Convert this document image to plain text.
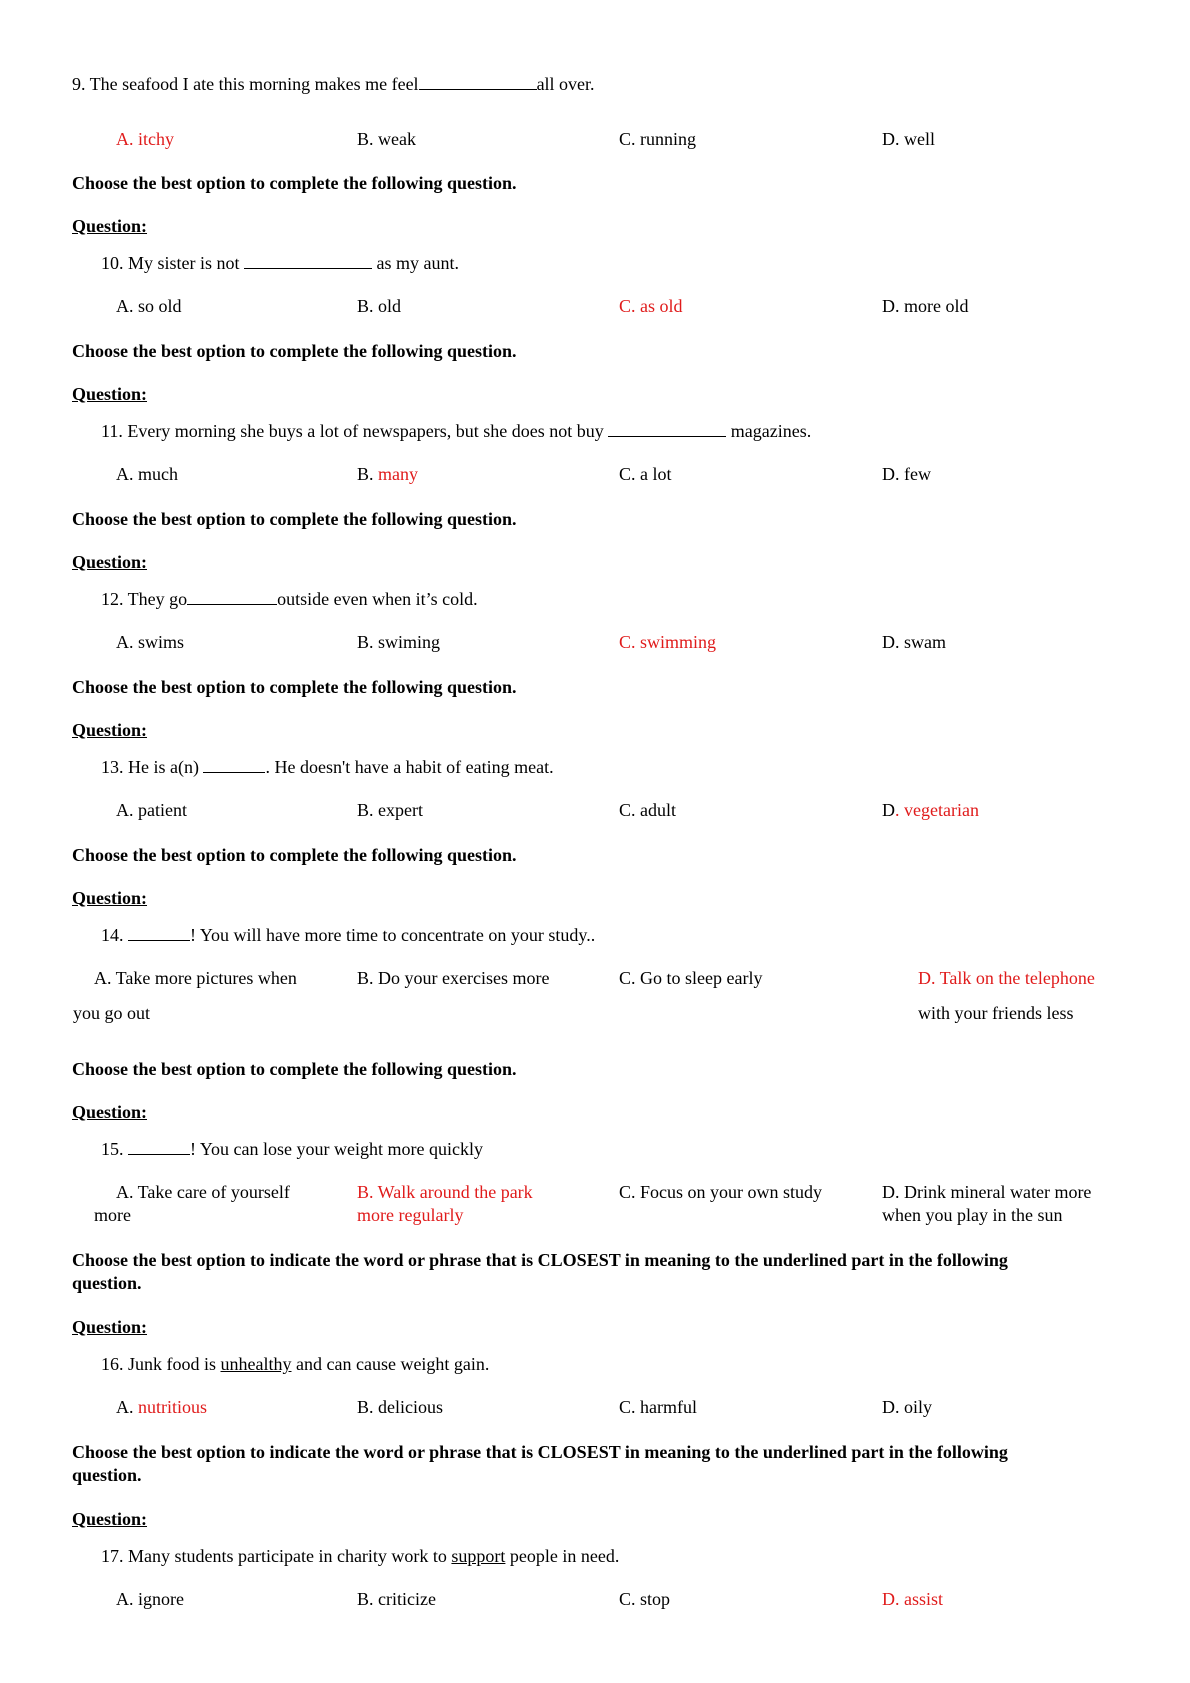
9. The seafood I ate this morning makes me feel	all over.
A. itchy	B. weak	C. running	D. well
Choose the best option to complete the following question.
Question:
10. My sister is not	as my aunt.
A. so old	B. old	C. as old	D. more old
Choose the best option to complete the following question.
Question:
11. Every morning she buys a lot of newspapers, but she does not buy	magazines.
A. much	B. many	C. a lot	D. few
Choose the best option to complete the following question.
Question:
12. They go	outside even when it’s cold.
A. swims	B. swiming	C. swimming	D. swam
Choose the best option to complete the following question.
Question:
13. He is a(n)	. He doesn't have a habit of eating meat.
A. patient	B. expert	C. adult	D. vegetarian
Choose the best option to complete the following question.
Question:
14.	! You will have more time to concentrate on your study..
A. Take more pictures when
you go out
B. Do your exercises more	C. Go to sleep early	D. Talk on the telephone
with your friends less
Choose the best option to complete the following question.
Question:
15.	! You can lose your weight more quickly
A. Take care of yourself
more
B. Walk around the park
more regularly
C. Focus on your own study	D. Drink mineral water more
when you play in the sun
Choose the best option to indicate the word or phrase that is CLOSEST in meaning to the underlined part in the following
question.
Question:
16. Junk food is unhealthy and can cause weight gain.
A. nutritious	B. delicious	C. harmful	D. oily
Choose the best option to indicate the word or phrase that is CLOSEST in meaning to the underlined part in the following
question.
Question:
17. Many students participate in charity work to support people in need.
A. ignore	B. criticize	C. stop	D. assist
